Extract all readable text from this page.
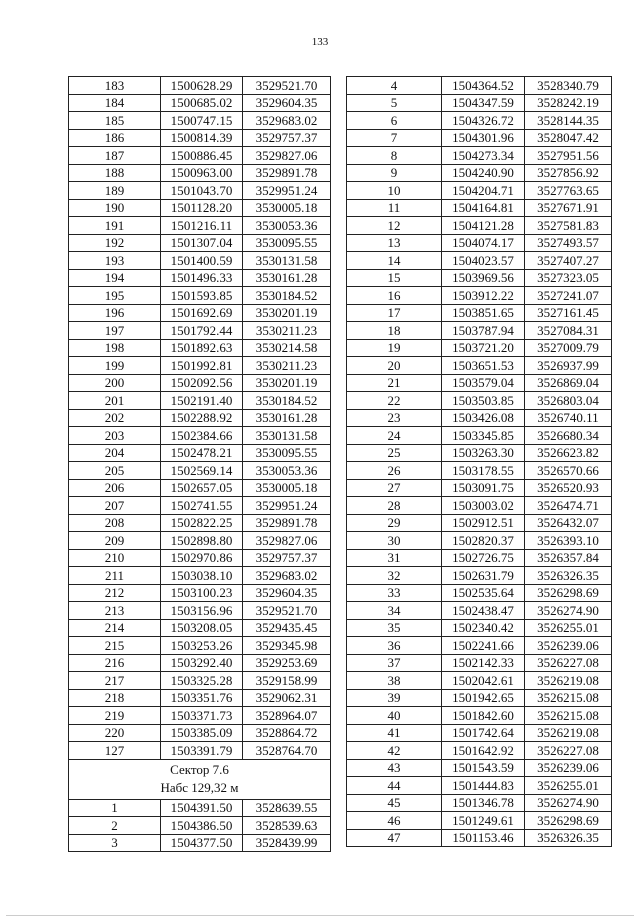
133
183	1500628.29	3529521.70
184	1500685.02	3529604.35
185	1500747.15	3529683.02
186	1500814.39	3529757.37
187	1500886.45	3529827.06
188	1500963.00	3529891.78
189	1501043.70	3529951.24
190	1501128.20	3530005.18
191	1501216.11	3530053.36
192	1501307.04	3530095.55
193	1501400.59	3530131.58
194	1501496.33	3530161.28
195	1501593.85	3530184.52
196	1501692.69	3530201.19
197	1501792.44	3530211.23
198	1501892.63	3530214.58
199	1501992.81	3530211.23
200	1502092.56	3530201.19
201	1502191.40	3530184.52
202	1502288.92	3530161.28
203	1502384.66	3530131.58
204	1502478.21	3530095.55
205	1502569.14	3530053.36
206	1502657.05	3530005.18
207	1502741.55	3529951.24
208	1502822.25	3529891.78
209	1502898.80	3529827.06
210	1502970.86	3529757.37
211	1503038.10	3529683.02
212	1503100.23	3529604.35
213	1503156.96	3529521.70
214	1503208.05	3529435.45
215	1503253.26	3529345.98
216	1503292.40	3529253.69
217	1503325.28	3529158.99
218	1503351.76	3529062.31
219	1503371.73	3528964.07
220	1503385.09	3528864.72
127	1503391.79	3528764.70

Сектор 7.6
Набс 129,32 м		

1	1504391.50	3528639.55
2	1504386.50	3528539.63
3	1504377.50	3528439.99
4	1504364.52	3528340.79
5	1504347.59	3528242.19
6	1504326.72	3528144.35
7	1504301.96	3528047.42
8	1504273.34	3527951.56
9	1504240.90	3527856.92
10	1504204.71	3527763.65
11	1504164.81	3527671.91
12	1504121.28	3527581.83
13	1504074.17	3527493.57
14	1504023.57	3527407.27
15	1503969.56	3527323.05
16	1503912.22	3527241.07
17	1503851.65	3527161.45
18	1503787.94	3527084.31
19	1503721.20	3527009.79
20	1503651.53	3526937.99
21	1503579.04	3526869.04
22	1503503.85	3526803.04
23	1503426.08	3526740.11
24	1503345.85	3526680.34
25	1503263.30	3526623.82
26	1503178.55	3526570.66
27	1503091.75	3526520.93
28	1503003.02	3526474.71
29	1502912.51	3526432.07
30	1502820.37	3526393.10
31	1502726.75	3526357.84
32	1502631.79	3526326.35
33	1502535.64	3526298.69
34	1502438.47	3526274.90
35	1502340.42	3526255.01
36	1502241.66	3526239.06
37	1502142.33	3526227.08
38	1502042.61	3526219.08
39	1501942.65	3526215.08
40	1501842.60	3526215.08
41	1501742.64	3526219.08
42	1501642.92	3526227.08
43	1501543.59	3526239.06
44	1501444.83	3526255.01
45	1501346.78	3526274.90
46	1501249.61	3526298.69
47	1501153.46	3526326.35
